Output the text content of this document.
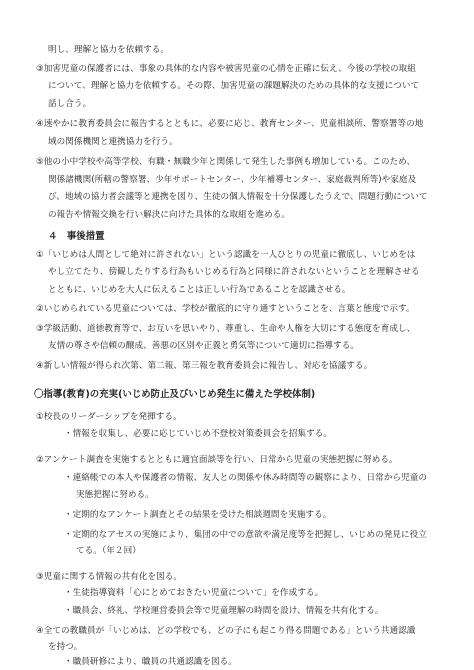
明し、理解と協力を依頼する。
③加害児童の保護者には、事象の具体的な内容や被害児童の心情を正確に伝え、今後の学校の取組
について、理解と協力を依頼する。その際、加害児童の課題解決のための具体的な支援について
話し合う。
④速やかに教育委員会に報告するとともに、必要に応じ、教育センター、児童相談所、警察署等の地
域の関係機関と連携協力を行う。
⑤他の小中学校や高等学校、有職・無職少年と関係して発生した事例も増加している。このため、
関係諸機関(所轄の警察署、少年サポートセンター、少年補導センター、家庭裁判所等)や家庭及
び、地域の協力者会議等と連携を図り、生徒の個人情報を十分保護したうえで、問題行動について
の報告や情報交換を行い解決に向けた具体的な取組を進める。
４　事後措置
①「いじめは人間として絶対に許されない」という認識を一人ひとりの児童に徹底し、いじめをは
やし立てたり、傍観したりする行為もいじめる行為と同様に許されないということを理解させる
とともに、いじめを大人に伝えることは正しい行為であることを認識させる。
②いじめられている児童については、学校が徹底的に守り通すということを、言葉と態度で示す。
③学級活動、道徳教育等で、お互いを思いやり、尊重し、生命や人権を大切にする態度を育成し、
友情の尊さや信頼の醸成、善悪の区別や正義と勇気等について適切に指導する。
④新しい情報が得られ次第、第二報、第三報を教育委員会に報告し、対応を協議する。
〇指導(教育)の充実(いじめ防止及びいじめ発生に備えた学校体制)
①校長のリーダーシップを発揮する。
・情報を収集し、必要に応じていじめ不登校対策委員会を招集する。
②アンケート調査を実施するとともに適宜面談等を行い、日常から児童の実態把握に努める。
・連絡帳での本人や保護者の情報、友人との関係や休み時間等の観察により、日常から児童の
実態把握に努める。
・定期的なアンケート調査とその結果を受けた相談週間を実施する。
・定期的なアセスの実施により、集団の中での意欲や満足度等を把握し、いじめの発見に役立
てる。（年２回）
③児童に関する情報の共有化を図る。
・生徒指導資料「心にとめておきたい児童について」を作成する。
・職員会、終礼、学校運営委員会等で児童理解の時間を設け、情報を共有化する。
④全ての教職員が「いじめは、どの学校でも、どの子にも起こり得る問題である」という共通認識
を持つ。
・職員研修により、職員の共通認識を図る。
